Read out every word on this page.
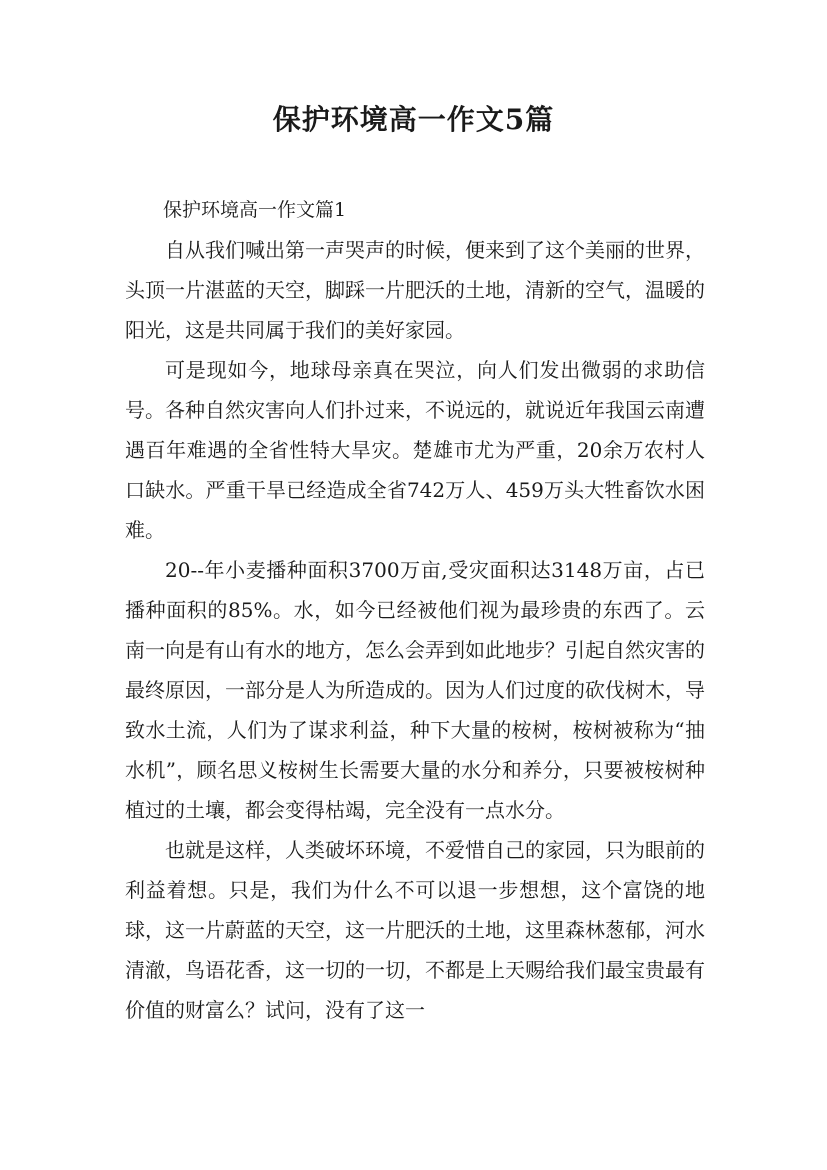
保护环境高一作文5篇

保护环境高一作文篇1

自从我们喊出第一声哭声的时候，便来到了这个美丽的世界，头顶一片湛蓝的天空，脚踩一片肥沃的土地，清新的空气，温暖的阳光，这是共同属于我们的美好家园。

可是现如今，地球母亲真在哭泣，向人们发出微弱的求助信号。各种自然灾害向人们扑过来，不说远的，就说近年我国云南遭遇百年难遇的全省性特大旱灾。楚雄市尤为严重，20余万农村人口缺水。严重干旱已经造成全省742万人、459万头大牲畜饮水困难。

20--年小麦播种面积3700万亩,受灾面积达3148万亩，占已播种面积的85%。水，如今已经被他们视为最珍贵的东西了。云南一向是有山有水的地方，怎么会弄到如此地步？引起自然灾害的最终原因，一部分是人为所造成的。因为人们过度的砍伐树木，导致水土流，人们为了谋求利益，种下大量的桉树，桉树被称为“抽水机”，顾名思义桉树生长需要大量的水分和养分，只要被桉树种植过的土壤，都会变得枯竭，完全没有一点水分。

也就是这样，人类破坏环境，不爱惜自己的家园，只为眼前的利益着想。只是，我们为什么不可以退一步想想，这个富饶的地球，这一片蔚蓝的天空，这一片肥沃的土地，这里森林葱郁，河水清澈，鸟语花香，这一切的一切，不都是上天赐给我们最宝贵最有价值的财富么？试问，没有了这一
